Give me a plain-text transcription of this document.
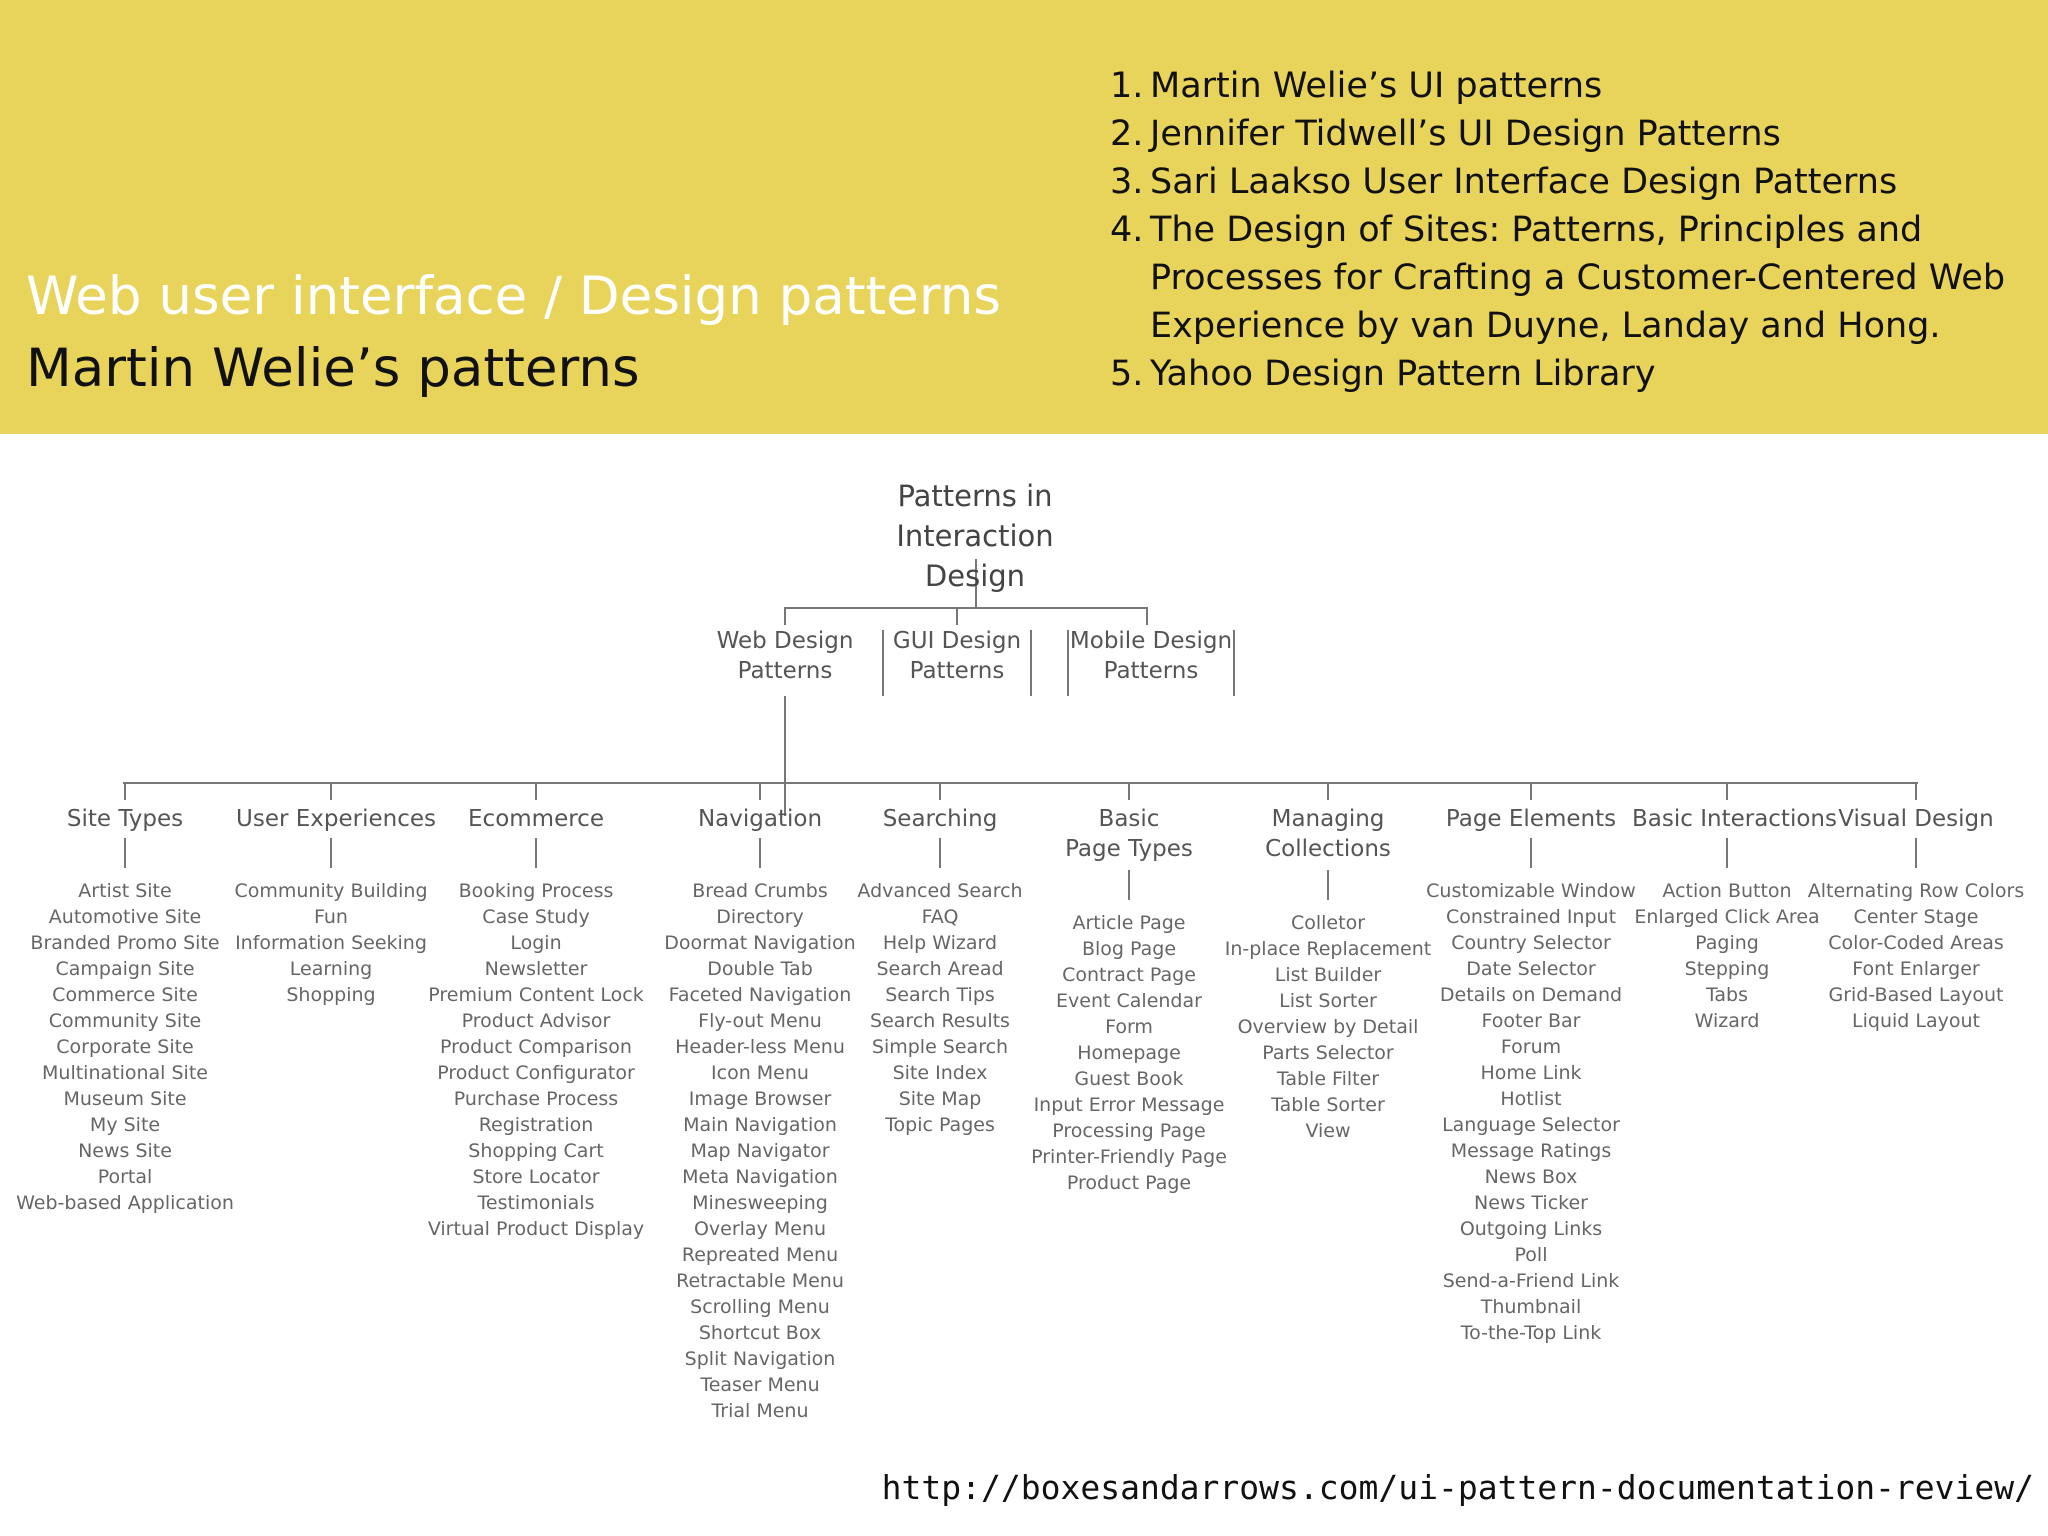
Web user interface / Design patterns
Martin Welie’s patterns
1. Martin Welie’s UI patterns
2. Jennifer Tidwell’s UI Design Patterns
3. Sari Laakso User Interface Design Patterns
4. The Design of Sites: Patterns, Principles and
Processes for Crafting a Customer-Centered Web
Experience by van Duyne, Landay and Hong.
5. Yahoo Design Pattern Library
Patterns in
Interaction Design
Web Design
Patterns
GUI Design
Patterns
Mobile Design
Patterns
Site Types
Artist Site
Automotive Site
Branded Promo Site
Campaign Site
Commerce Site
Community Site
Corporate Site
Multinational Site
Museum Site
My Site
News Site
Portal
Web-based Application
User Experiences
Community Building
Fun
Information Seeking
Learning
Shopping
Ecommerce
Booking Process
Case Study
Login
Newsletter
Premium Content Lock
Product Advisor
Product Comparison
Product Configurator
Purchase Process
Registration
Shopping Cart
Store Locator
Testimonials
Virtual Product Display
Navigation
Bread Crumbs
Directory
Doormat Navigation
Double Tab
Faceted Navigation
Fly-out Menu
Header-less Menu
Icon Menu
Image Browser
Main Navigation
Map Navigator
Meta Navigation
Minesweeping
Overlay Menu
Repreated Menu
Retractable Menu
Scrolling Menu
Shortcut Box
Split Navigation
Teaser Menu
Trial Menu
Searching
Advanced Search
FAQ
Help Wizard
Search Aread
Search Tips
Search Results
Simple Search
Site Index
Site Map
Topic Pages
Basic
Page Types
Article Page
Blog Page
Contract Page
Event Calendar
Form
Homepage
Guest Book
Input Error Message
Processing Page
Printer-Friendly Page
Product Page
Managing
Collections
Colletor
In-place Replacement
List Builder
List Sorter
Overview by Detail
Parts Selector
Table Filter
Table Sorter
View
Page Elements
Customizable Window
Constrained Input
Country Selector
Date Selector
Details on Demand
Footer Bar
Forum
Home Link
Hotlist
Language Selector
Message Ratings
News Box
News Ticker
Outgoing Links
Poll
Send-a-Friend Link
Thumbnail
To-the-Top Link
Basic Interactions
Action Button
Enlarged Click Area
Paging
Stepping
Tabs
Wizard
Visual Design
Alternating Row Colors
Center Stage
Color-Coded Areas
Font Enlarger
Grid-Based Layout
Liquid Layout
http://boxesandarrows.com/ui-pattern-documentation-review/
